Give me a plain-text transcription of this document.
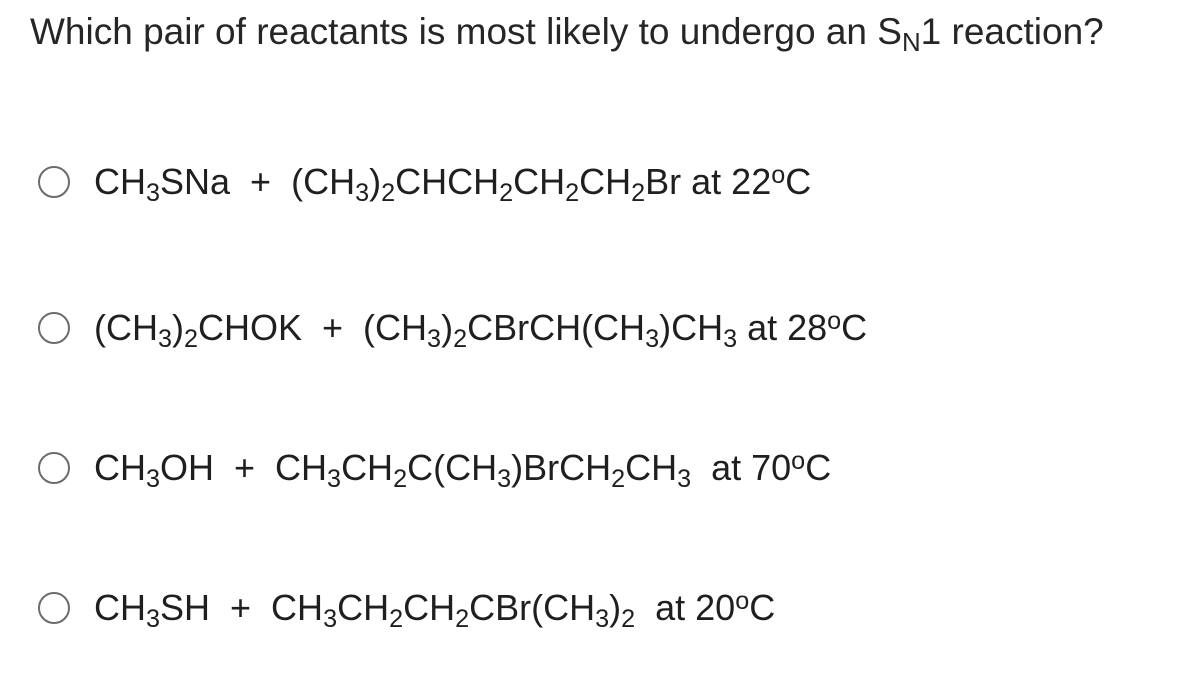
Which pair of reactants is most likely to undergo an SN1 reaction?
CH3SNa  +  (CH3)2CHCH2CH2CH2Br at 22$^o$C
(CH3)2CHOK  +  (CH3)2CBrCH(CH3)CH3 at 28$^o$C
CH3OH  +  CH3CH2C(CH3)BrCH2CH3  at 70$^o$C
CH3SH  +  CH3CH2CH2CBr(CH3)2  at 20$^o$C
